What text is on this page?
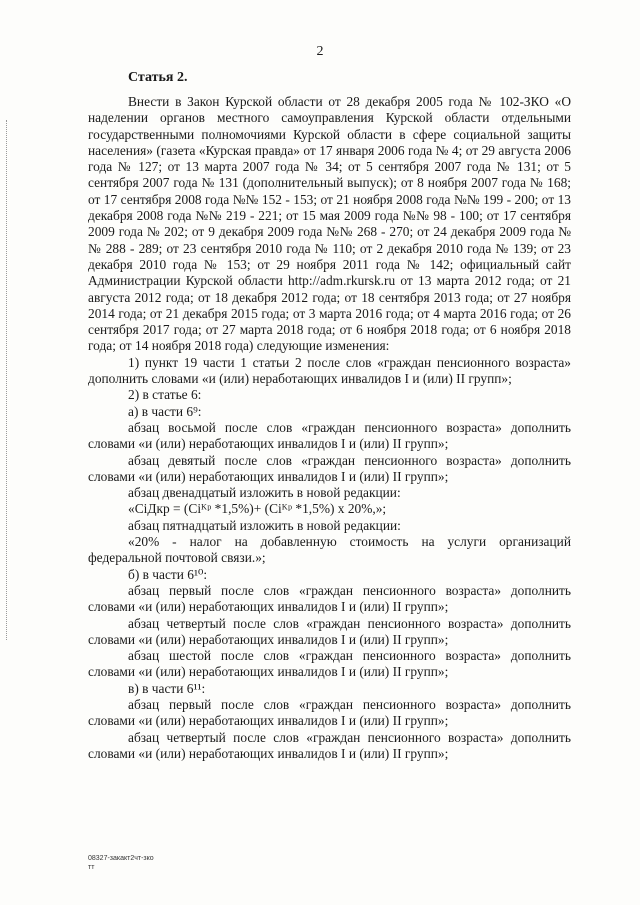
2
Статья 2.

Внести в Закон Курской области от 28 декабря 2005 года № 102-ЗКО «О наделении органов местного самоуправления Курской области отдельными государственными полномочиями Курской области в сфере социальной защиты населения» (газета «Курская правда» от 17 января 2006 года № 4; от 29 августа 2006 года № 127; от 13 марта 2007 года № 34; от 5 сентября 2007 года № 131; от 5 сентября 2007 года № 131 (дополнительный выпуск); от 8 ноября 2007 года № 168; от 17 сентября 2008 года №№ 152 - 153; от 21 ноября 2008 года №№ 199 - 200; от 13 декабря 2008 года №№ 219 - 221; от 15 мая 2009 года №№ 98 - 100; от 17 сентября 2009 года № 202; от 9 декабря 2009 года №№ 268 - 270; от 24 декабря 2009 года №№ 288 - 289; от 23 сентября 2010 года № 110; от 2 декабря 2010 года № 139; от 23 декабря 2010 года № 153; от 29 ноября 2011 года № 142; официальный сайт Администрации Курской области http://adm.rkursk.ru от 13 марта 2012 года; от 21 августа 2012 года; от 18 декабря 2012 года; от 18 сентября 2013 года; от 27 ноября 2014 года; от 21 декабря 2015 года; от 3 марта 2016 года; от 4 марта 2016 года; от 26 сентября 2017 года; от 27 марта 2018 года; от 6 ноября 2018 года; от 6 ноября 2018 года; от 14 ноября 2018 года) следующие изменения:

1) пункт 19 части 1 статьи 2 после слов «граждан пенсионного возраста» дополнить словами «и (или) неработающих инвалидов I и (или) II групп»;

2) в статье 6:

а) в части 6⁹:

абзац восьмой после слов «граждан пенсионного возраста» дополнить словами «и (или) неработающих инвалидов I и (или) II групп»;

абзац девятый после слов «граждан пенсионного возраста» дополнить словами «и (или) неработающих инвалидов I и (или) II групп»;

абзац двенадцатый изложить в новой редакции:

«CiДкр = (Ciᴷᵖ *1,5%)+ (Ciᴷᵖ *1,5%) х 20%,»;

абзац пятнадцатый изложить в новой редакции:

«20% - налог на добавленную стоимость на услуги организаций федеральной почтовой связи.»;

б) в части 6¹⁰:

абзац первый после слов «граждан пенсионного возраста» дополнить словами «и (или) неработающих инвалидов I и (или) II групп»;

абзац четвертый после слов «граждан пенсионного возраста» дополнить словами «и (или) неработающих инвалидов I и (или) II групп»;

абзац шестой после слов «граждан пенсионного возраста» дополнить словами «и (или) неработающих инвалидов I и (или) II групп»;

в) в части 6¹¹:

абзац первый после слов «граждан пенсионного возраста» дополнить словами «и (или) неработающих инвалидов I и (или) II групп»;

абзац четвертый после слов «граждан пенсионного возраста» дополнить словами «и (или) неработающих инвалидов I и (или) II групп»;

08327-закакт2чт-зко
тт
